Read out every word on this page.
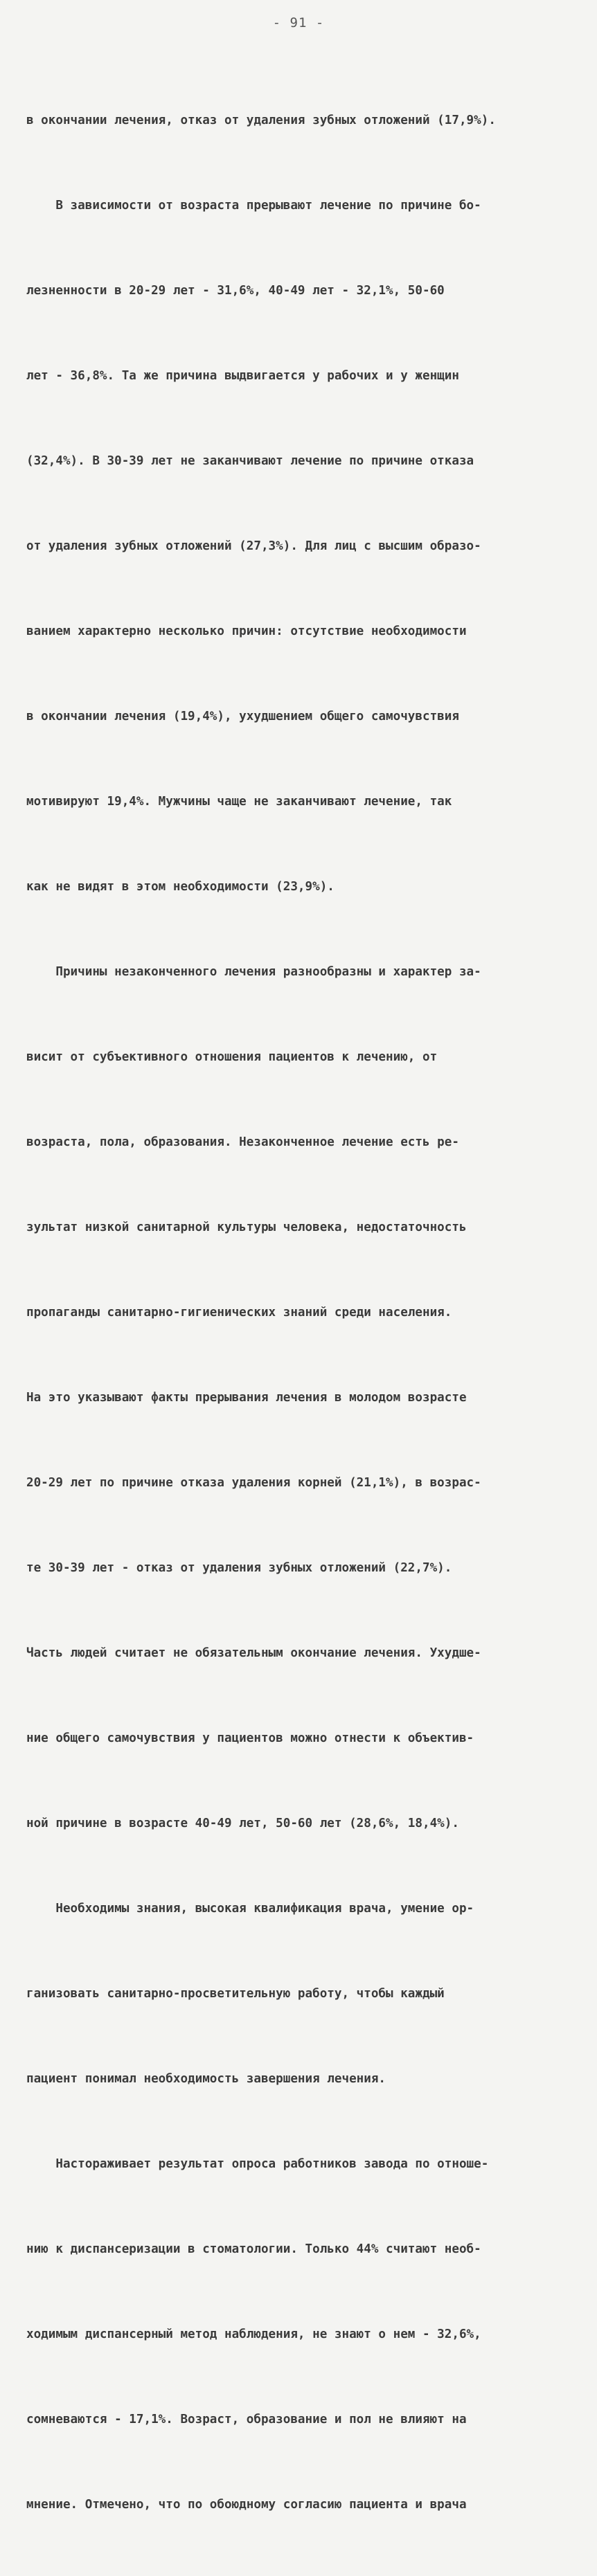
- 91 -

в окончании лечения, отказ от удаления зубных отложений (17,9%).

В зависимости от возраста прерывают лечение по причине бо-

лезненности в 20-29 лет - 31,6%, 40-49 лет - 32,1%, 50-60

лет - 36,8%. Та же причина выдвигается у рабочих и у женщин

(32,4%). В 30-39 лет не заканчивают лечение по причине отказа

от удаления зубных отложений (27,3%). Для лиц с высшим образо-

ванием характерно несколько причин: отсутствие необходимости

в окончании лечения (19,4%), ухудшением общего самочувствия

мотивируют 19,4%. Мужчины чаще не заканчивают лечение, так

как не видят в этом необходимости (23,9%).

Причины незаконченного лечения разнообразны и характер за-

висит от субъективного отношения пациентов к лечению, от

возраста, пола, образования. Незаконченное лечение есть ре-

зультат низкой санитарной культуры человека, недостаточность

пропаганды санитарно-гигиенических знаний среди населения.

На это указывают факты прерывания лечения в молодом возрасте

20-29 лет по причине отказа удаления корней (21,1%), в возрас-

те 30-39 лет - отказ от удаления зубных отложений (22,7%).

Часть людей считает не обязательным окончание лечения. Ухудше-

ние общего самочувствия у пациентов можно отнести к объектив-

ной причине в возрасте 40-49 лет, 50-60 лет (28,6%, 18,4%).

Необходимы знания, высокая квалификация врача, умение ор-

ганизовать санитарно-просветительную работу, чтобы каждый

пациент понимал необходимость завершения лечения.

Настораживает результат опроса работников завода по отноше-

нию к диспансеризации в стоматологии. Только 44% считают необ-

ходимым диспансерный метод наблюдения, не знают о нем - 32,6%,

сомневаются - 17,1%. Возраст, образование и пол не влияют на

мнение. Отмечено, что по обоюдному согласию пациента и врача
